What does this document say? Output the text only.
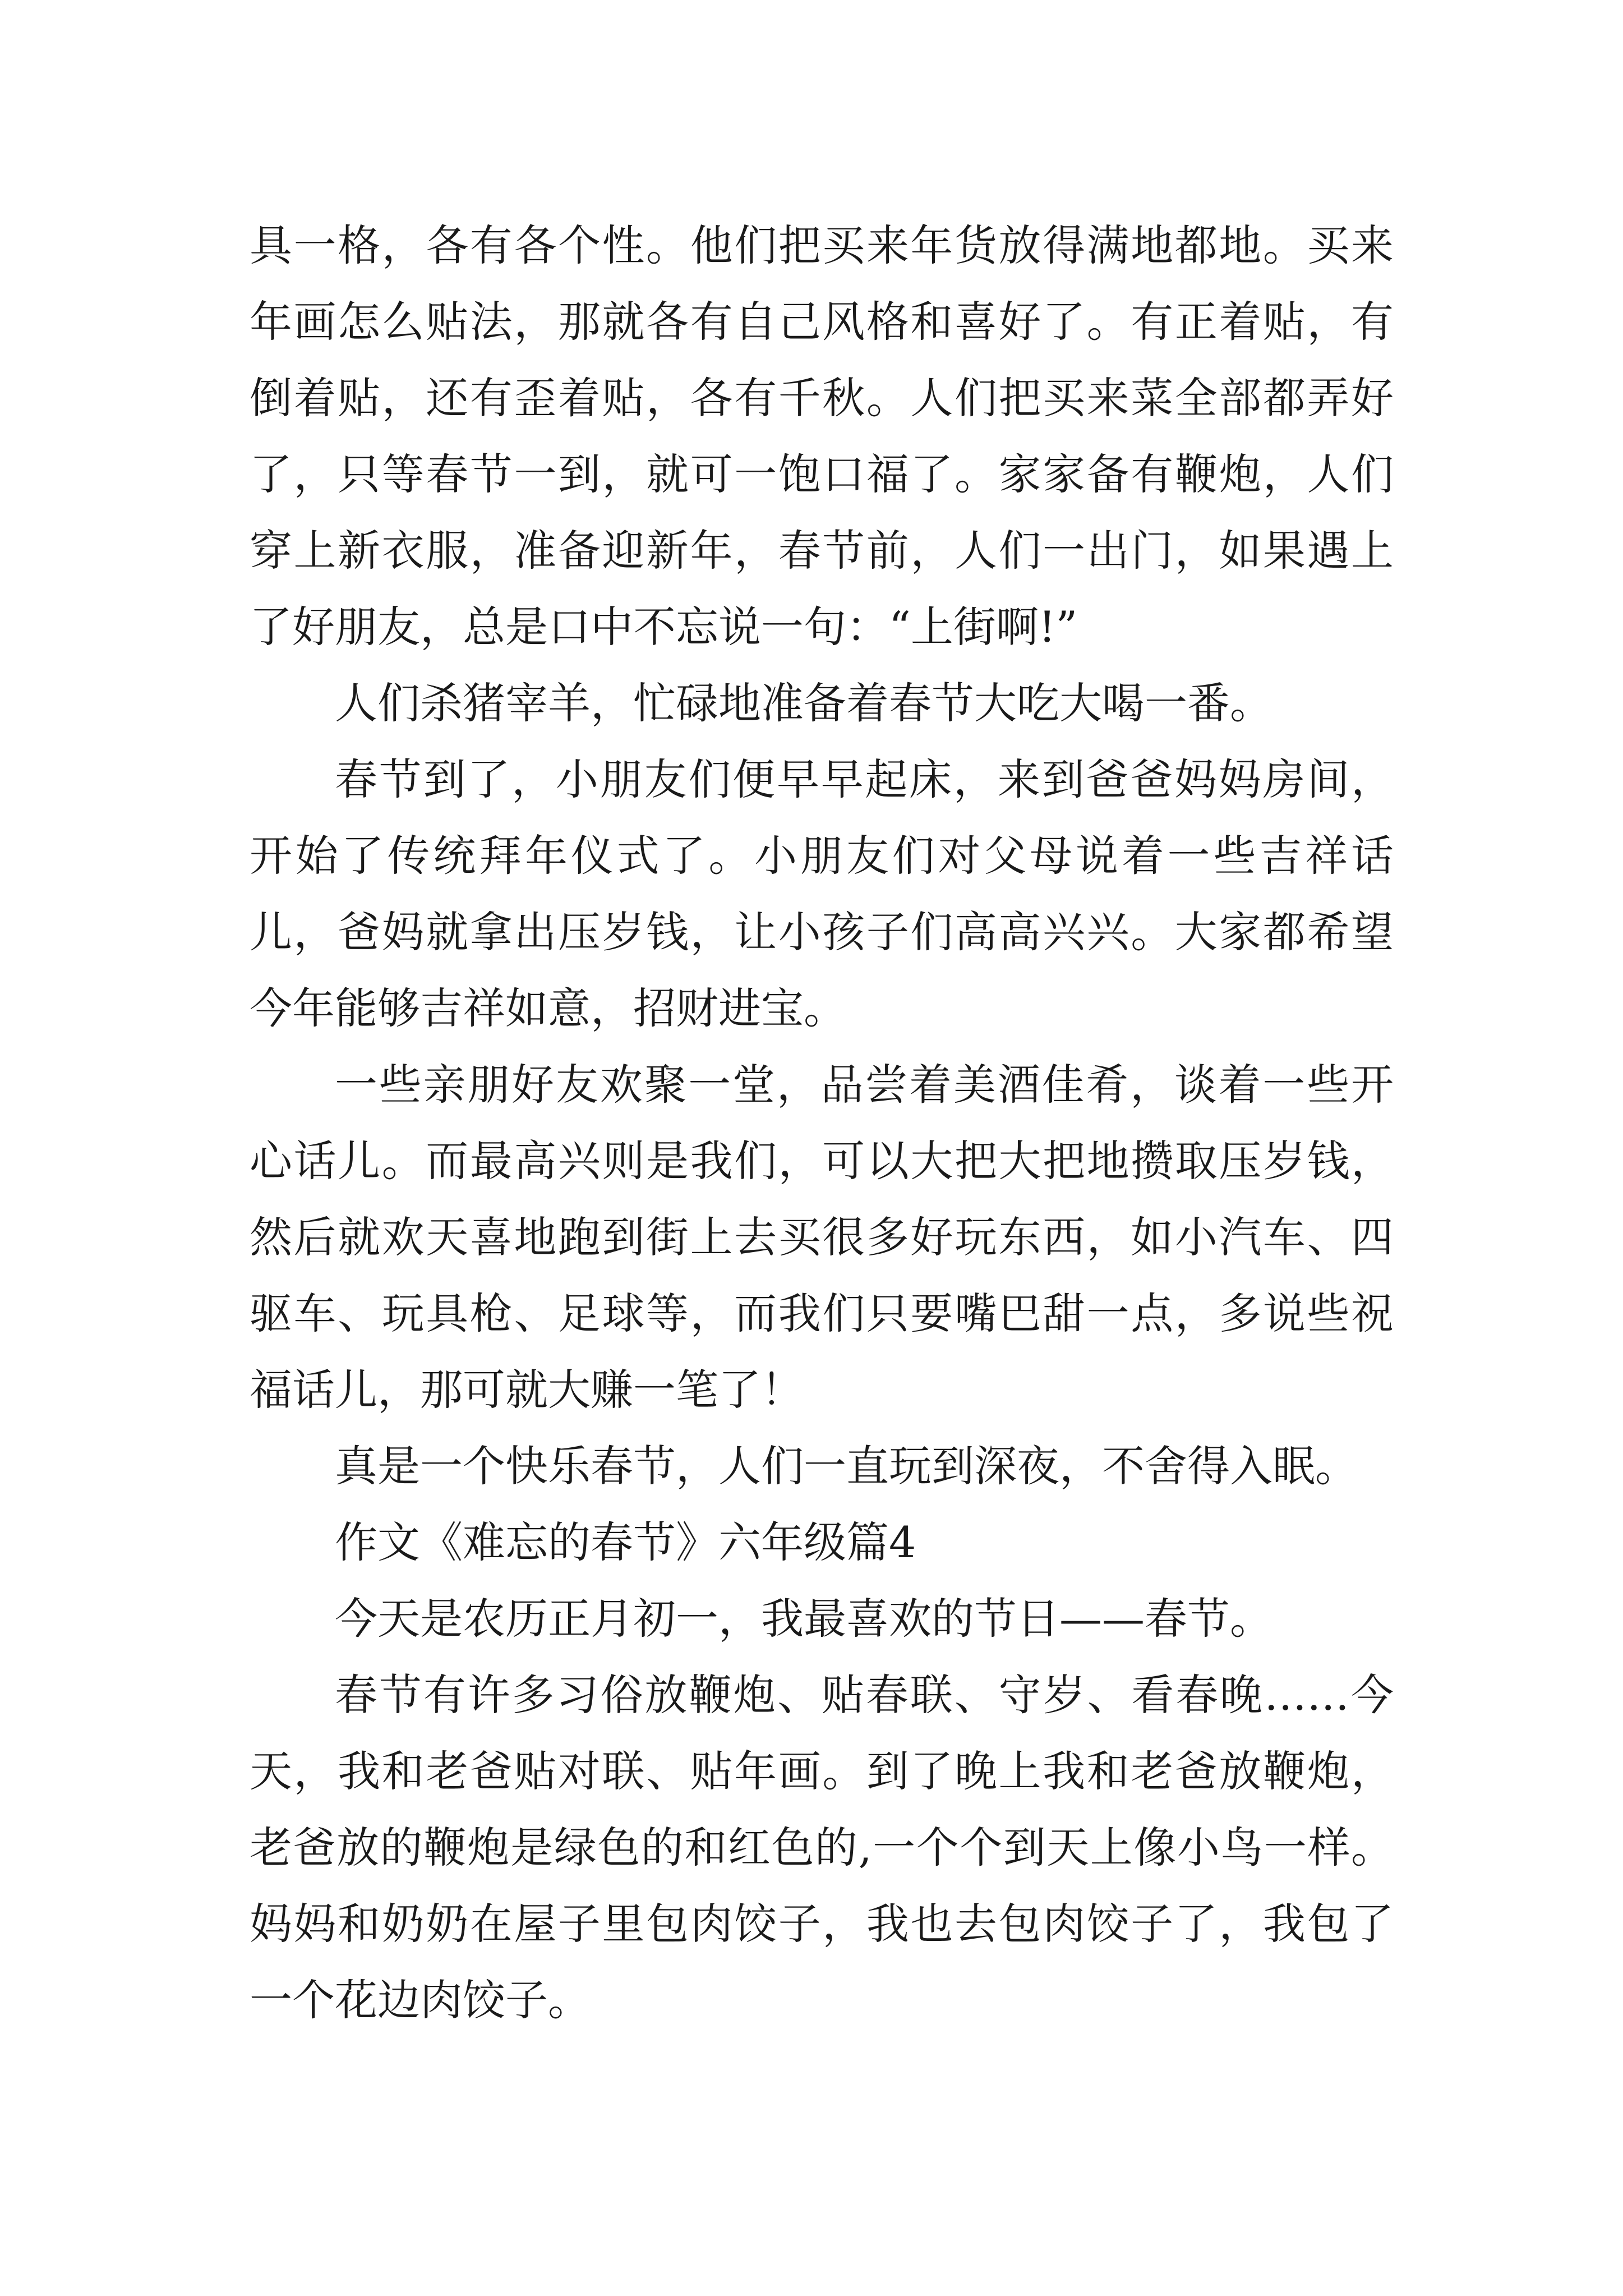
具一格，各有各个性。他们把买来年货放得满地都地。买来年画怎么贴法，那就各有自己风格和喜好了。有正着贴，有倒着贴，还有歪着贴，各有千秋。人们把买来菜全部都弄好了，只等春节一到，就可一饱口福了。家家备有鞭炮，人们穿上新衣服，准备迎新年，春节前，人们一出门，如果遇上了好朋友，总是口中不忘说一句：“上街啊!”

人们杀猪宰羊，忙碌地准备着春节大吃大喝一番。

春节到了，小朋友们便早早起床，来到爸爸妈妈房间，开始了传统拜年仪式了。小朋友们对父母说着一些吉祥话儿，爸妈就拿出压岁钱，让小孩子们高高兴兴。大家都希望今年能够吉祥如意，招财进宝。

一些亲朋好友欢聚一堂，品尝着美酒佳肴，谈着一些开心话儿。而最高兴则是我们，可以大把大把地攒取压岁钱，然后就欢天喜地跑到街上去买很多好玩东西，如小汽车、四驱车、玩具枪、足球等，而我们只要嘴巴甜一点，多说些祝福话儿，那可就大赚一笔了！

真是一个快乐春节，人们一直玩到深夜，不舍得入眠。

作文《难忘的春节》六年级篇4

今天是农历正月初一，我最喜欢的节日——春节。

春节有许多习俗放鞭炮、贴春联、守岁、看春晚……今天，我和老爸贴对联、贴年画。到了晚上我和老爸放鞭炮，老爸放的鞭炮是绿色的和红色的,一个个到天上像小鸟一样。妈妈和奶奶在屋子里包肉饺子，我也去包肉饺子了，我包了一个花边肉饺子。
